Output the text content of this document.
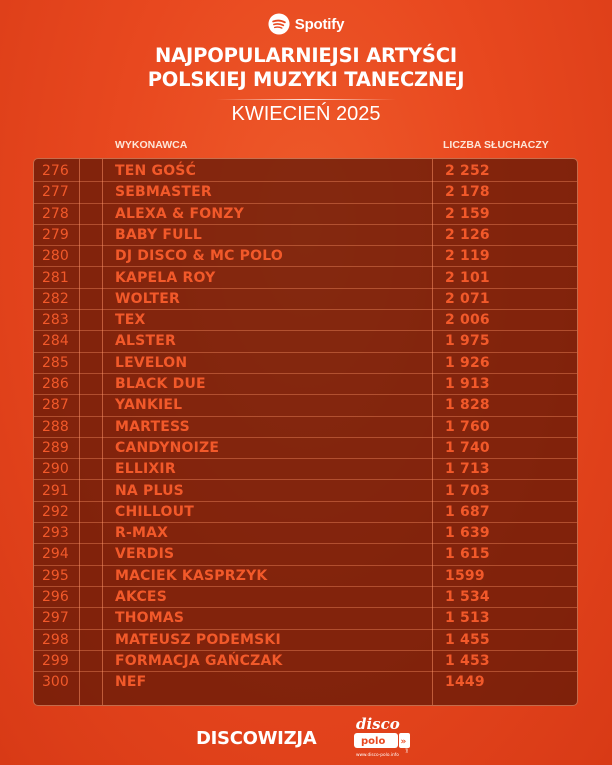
Spotify
NAJPOPULARNIEJSI ARTYŚCI
POLSKIEJ MUZYKI TANECZNEJ
KWIECIEŃ 2025
WYKONAWCA	LICZBA SŁUCHACZY
276	TEN GOŚĆ	2 252
277	SEBMASTER	2 178
278	ALEXA & FONZY	2 159
279	BABY FULL	2 126
280	DJ DISCO & MC POLO	2 119
281	KAPELA ROY	2 101
282	WOLTER	2 071
283	TEX	2 006
284	ALSTER	1 975
285	LEVELON	1 926
286	BLACK DUE	1 913
287	YANKIEL	1 828
288	MARTESS	1 760
289	CANDYNOIZE	1 740
290	ELLIXIR	1 713
291	NA PLUS	1 703
292	CHILLOUT	1 687
293	R-MAX	1 639
294	VERDIS	1 615
295	MACIEK KASPRZYK	1599
296	AKCES	1 534
297	THOMAS	1 513
298	MATEUSZ PODEMSKI	1 455
299	FORMACJA GAŃCZAK	1 453
300	NEF	1449
DISCOWIZJA
disco
polo »
www.disco-polo.info
info
